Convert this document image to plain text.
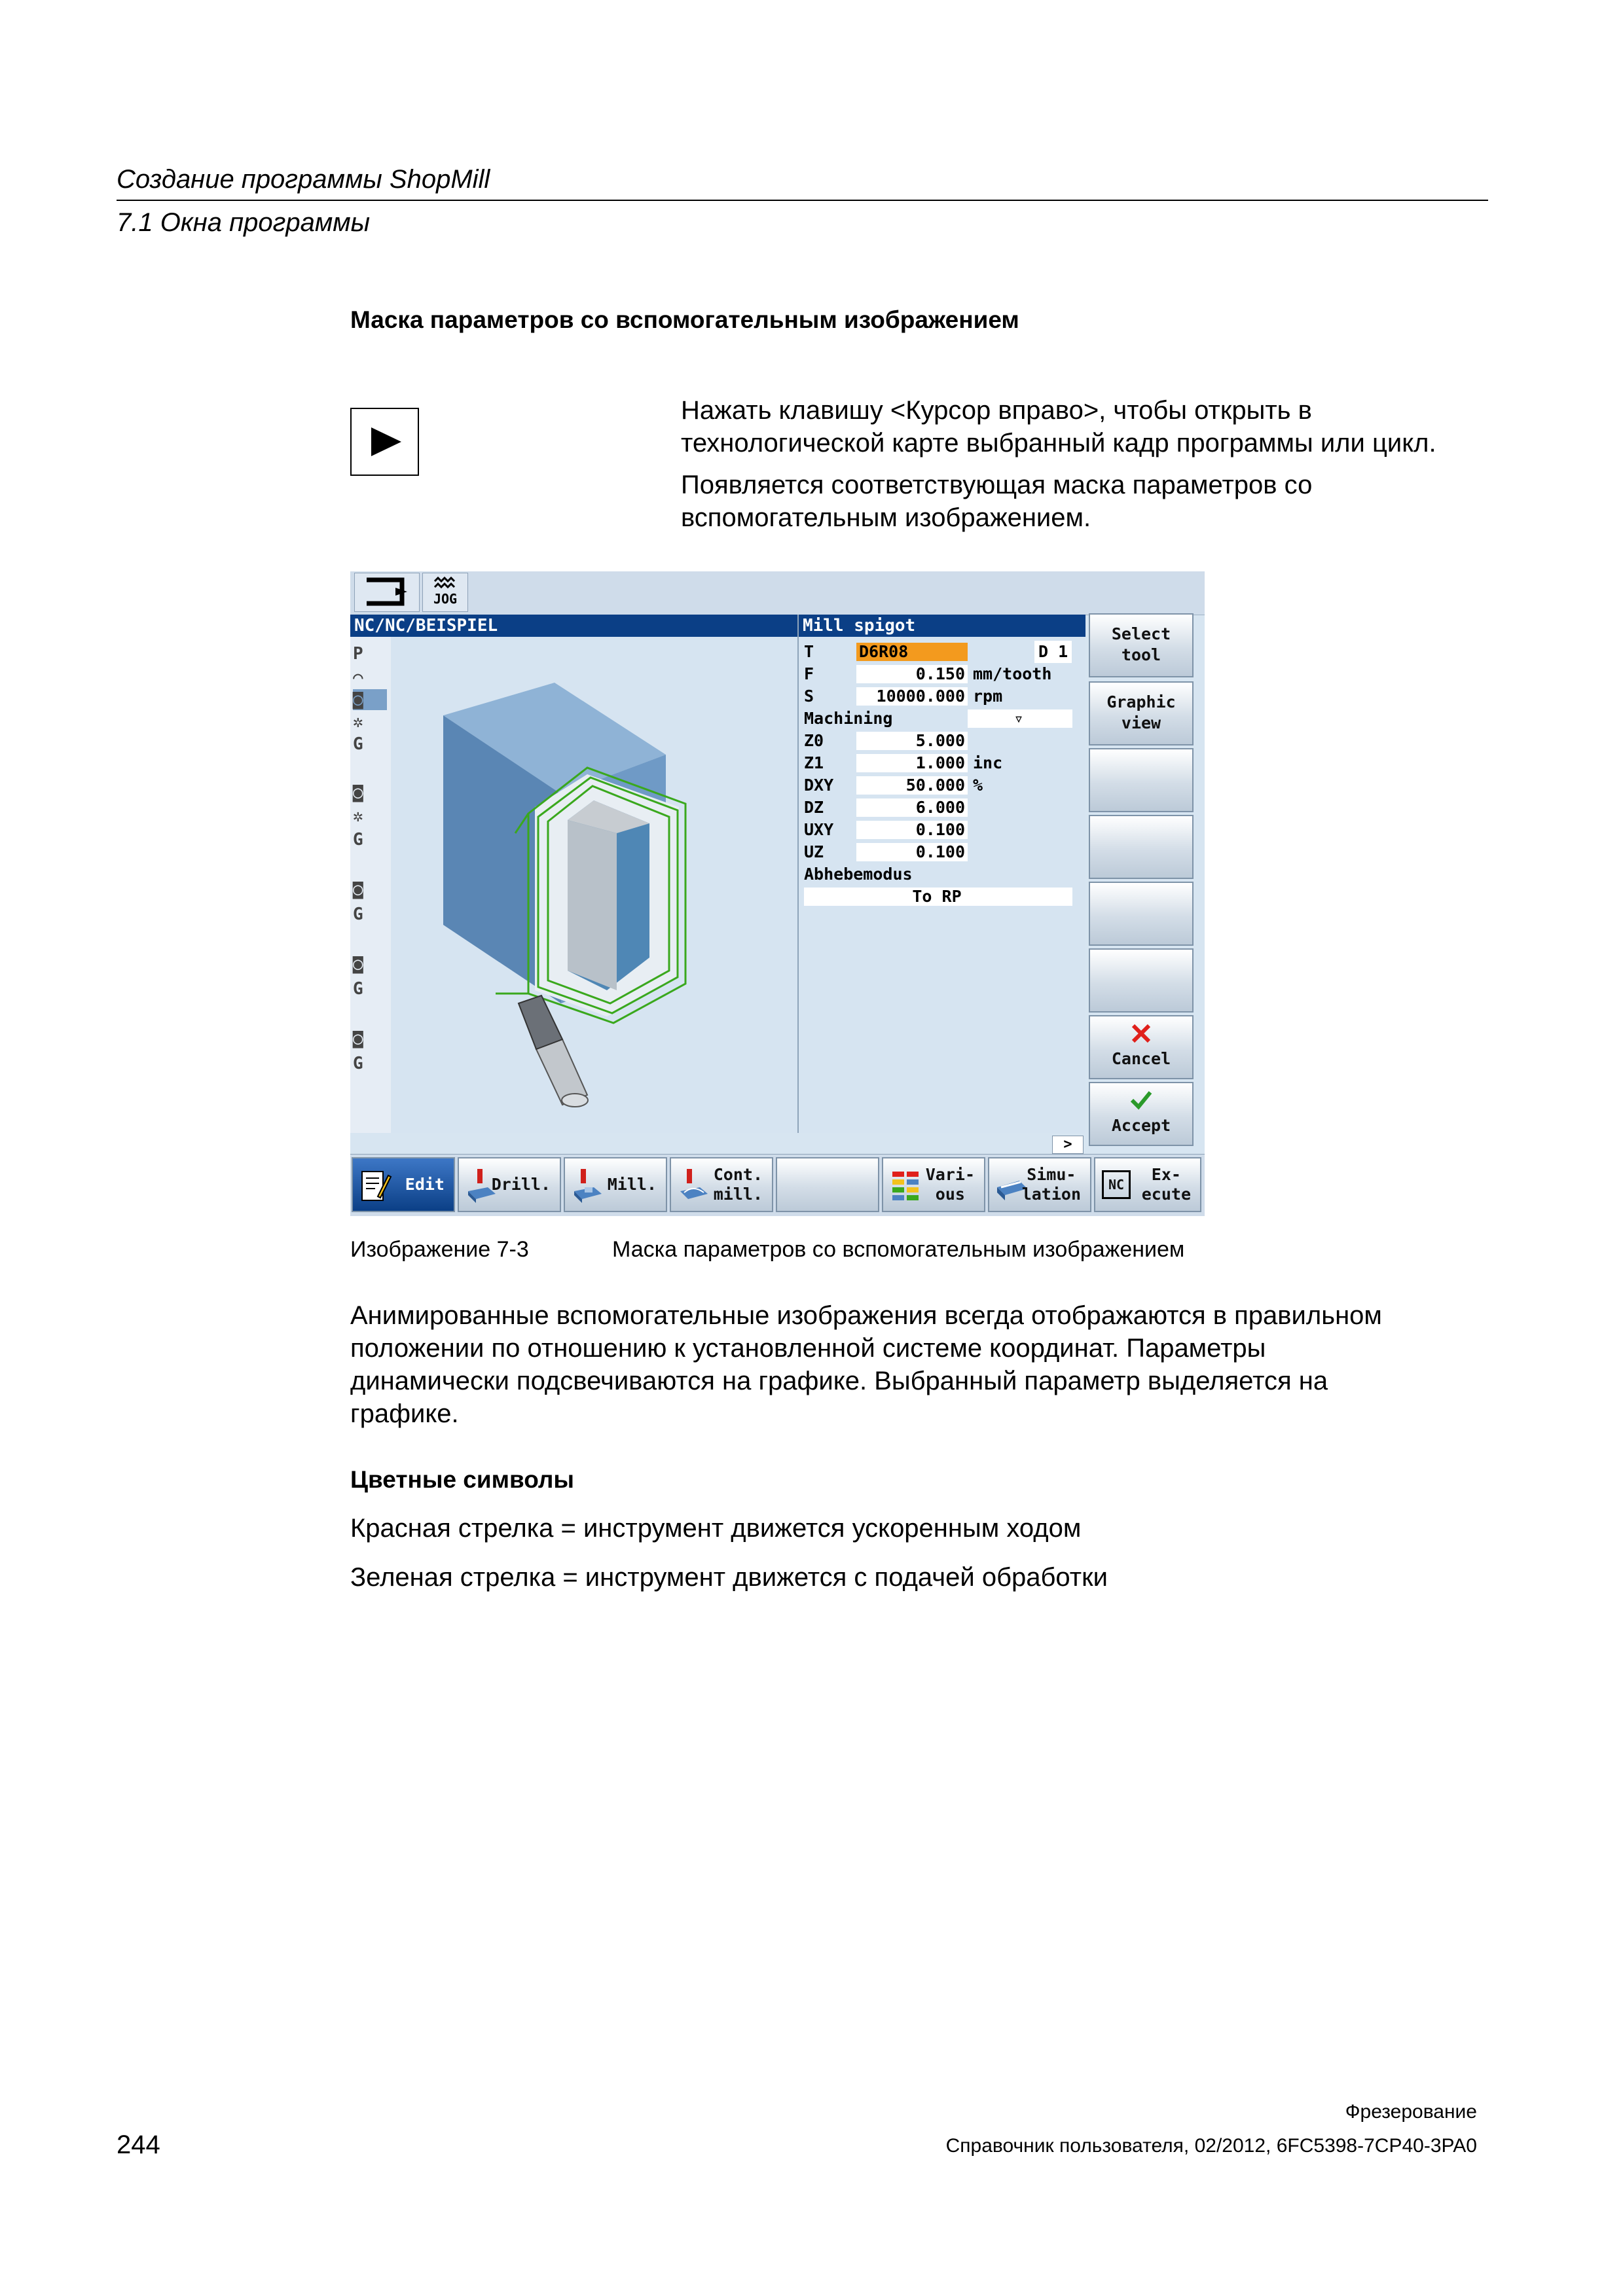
Создание программы ShopMill
7.1 Окна программы
Маска параметров со вспомогательным изображением
Нажать клавишу <Курсор вправо>, чтобы открыть в
технологической карте выбранный кадр программы или цикл.
Появляется соответствующая маска параметров со
вспомогательным изображением.
JOG
NC/NC/BEISPIEL
P
⌒
◙
✲
G
◙
✲
G
◙
G
◙
G
◙
G
Mill spigot
T	D6R08	D 1
F	0.150 mm/tooth
S	10000.000 rpm
Machining	▿
Z0	5.000
Z1	1.000 inc
DXY	50.000 %
DZ	6.000
UXY	0.100
UZ	0.100
Abhebemodus
To RP
Select
tool
Graphic
view
Cancel
Accept
>
Edit	Drill.	Mill.
Cont.
mill.
Vari-
ous
Simu-
lation	NC
Ex-
ecute
Изображение 7-3	Маска параметров со вспомогательным изображением
Анимированные вспомогательные изображения всегда отображаются в правильном
положении по отношению к установленной системе координат. Параметры
динамически подсвечиваются на графике. Выбранный параметр выделяется на
графике.
Цветные символы
Красная стрелка = инструмент движется ускоренным ходом
Зеленая стрелка = инструмент движется с подачей обработки
Фрезерование
244	Справочник пользователя, 02/2012, 6FC5398-7CP40-3PA0
